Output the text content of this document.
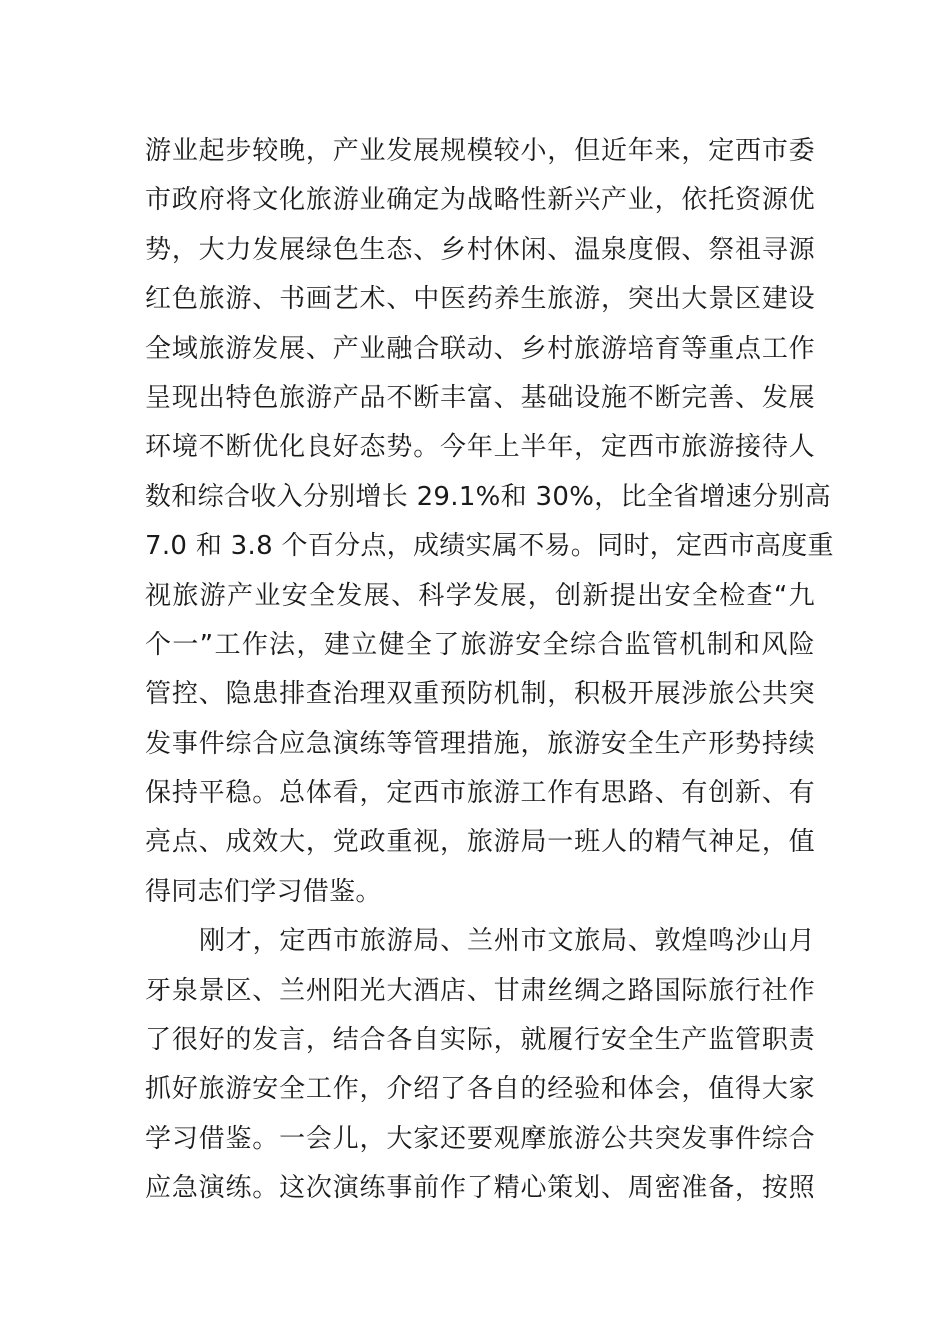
游业起步较晚，产业发展规模较小，但近年来，定西市委
市政府将文化旅游业确定为战略性新兴产业，依托资源优
势，大力发展绿色生态、乡村休闲、温泉度假、祭祖寻源
红色旅游、书画艺术、中医药养生旅游，突出大景区建设
全域旅游发展、产业融合联动、乡村旅游培育等重点工作
呈现出特色旅游产品不断丰富、基础设施不断完善、发展
环境不断优化良好态势。今年上半年，定西市旅游接待人
数和综合收入分别增长 29.1%和 30%，比全省增速分别高
7.0 和 3.8 个百分点，成绩实属不易。同时，定西市高度重
视旅游产业安全发展、科学发展，创新提出安全检查“九
个一”工作法，建立健全了旅游安全综合监管机制和风险
管控、隐患排查治理双重预防机制，积极开展涉旅公共突
发事件综合应急演练等管理措施，旅游安全生产形势持续
保持平稳。总体看，定西市旅游工作有思路、有创新、有
亮点、成效大，党政重视，旅游局一班人的精气神足，值
得同志们学习借鉴。
刚才，定西市旅游局、兰州市文旅局、敦煌鸣沙山月
牙泉景区、兰州阳光大酒店、甘肃丝绸之路国际旅行社作
了很好的发言，结合各自实际，就履行安全生产监管职责
抓好旅游安全工作，介绍了各自的经验和体会，值得大家
学习借鉴。一会儿，大家还要观摩旅游公共突发事件综合
应急演练。这次演练事前作了精心策划、周密准备，按照
